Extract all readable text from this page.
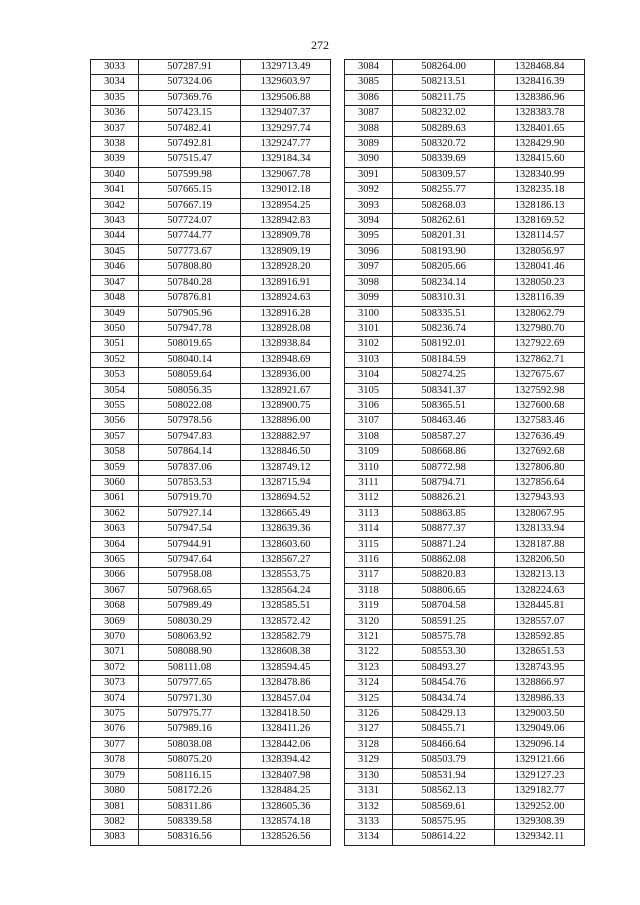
272
3033	507287.91	1329713.49
3034	507324.06	1329603.97
3035	507369.76	1329506.88
3036	507423.15	1329407.37
3037	507482.41	1329297.74
3038	507492.81	1329247.77
3039	507515.47	1329184.34
3040	507599.98	1329067.78
3041	507665.15	1329012.18
3042	507667.19	1328954.25
3043	507724.07	1328942.83
3044	507744.77	1328909.78
3045	507773.67	1328909.19
3046	507808.80	1328928.20
3047	507840.28	1328916.91
3048	507876.81	1328924.63
3049	507905.96	1328916.28
3050	507947.78	1328928.08
3051	508019.65	1328938.84
3052	508040.14	1328948.69
3053	508059.64	1328936.00
3054	508056.35	1328921.67
3055	508022.08	1328900.75
3056	507978.56	1328896.00
3057	507947.83	1328882.97
3058	507864.14	1328846.50
3059	507837.06	1328749.12
3060	507853.53	1328715.94
3061	507919.70	1328694.52
3062	507927.14	1328665.49
3063	507947.54	1328639.36
3064	507944.91	1328603.60
3065	507947.64	1328567.27
3066	507958.08	1328553.75
3067	507968.65	1328564.24
3068	507989.49	1328585.51
3069	508030.29	1328572.42
3070	508063.92	1328582.79
3071	508088.90	1328608.38
3072	508111.08	1328594.45
3073	507977.65	1328478.86
3074	507971.30	1328457.04
3075	507975.77	1328418.50
3076	507989.16	1328411.26
3077	508038.08	1328442.06
3078	508075.20	1328394.42
3079	508116.15	1328407.98
3080	508172.26	1328484.25
3081	508311.86	1328605.36
3082	508339.58	1328574.18
3083	508316.56	1328526.56
3084	508264.00	1328468.84
3085	508213.51	1328416.39
3086	508211.75	1328386.96
3087	508232.02	1328383.78
3088	508289.63	1328401.65
3089	508320.72	1328429.90
3090	508339.69	1328415.60
3091	508309.57	1328340.99
3092	508255.77	1328235.18
3093	508268.03	1328186.13
3094	508262.61	1328169.52
3095	508201.31	1328114.57
3096	508193.90	1328056.97
3097	508205.66	1328041.46
3098	508234.14	1328050.23
3099	508310.31	1328116.39
3100	508335.51	1328062.79
3101	508236.74	1327980.70
3102	508192.01	1327922.69
3103	508184.59	1327862.71
3104	508274.25	1327675.67
3105	508341.37	1327592.98
3106	508365.51	1327600.68
3107	508463.46	1327583.46
3108	508587.27	1327636.49
3109	508668.86	1327692.68
3110	508772.98	1327806.80
3111	508794.71	1327856.64
3112	508826.21	1327943.93
3113	508863.85	1328067.95
3114	508877.37	1328133.94
3115	508871.24	1328187.88
3116	508862.08	1328206.50
3117	508820.83	1328213.13
3118	508806.65	1328224.63
3119	508704.58	1328445.81
3120	508591.25	1328557.07
3121	508575.78	1328592.85
3122	508553.30	1328651.53
3123	508493.27	1328743.95
3124	508454.76	1328866.97
3125	508434.74	1328986.33
3126	508429.13	1329003.50
3127	508455.71	1329049.06
3128	508466.64	1329096.14
3129	508503.79	1329121.66
3130	508531.94	1329127.23
3131	508562.13	1329182.77
3132	508569.61	1329252.00
3133	508575.95	1329308.39
3134	508614.22	1329342.11
